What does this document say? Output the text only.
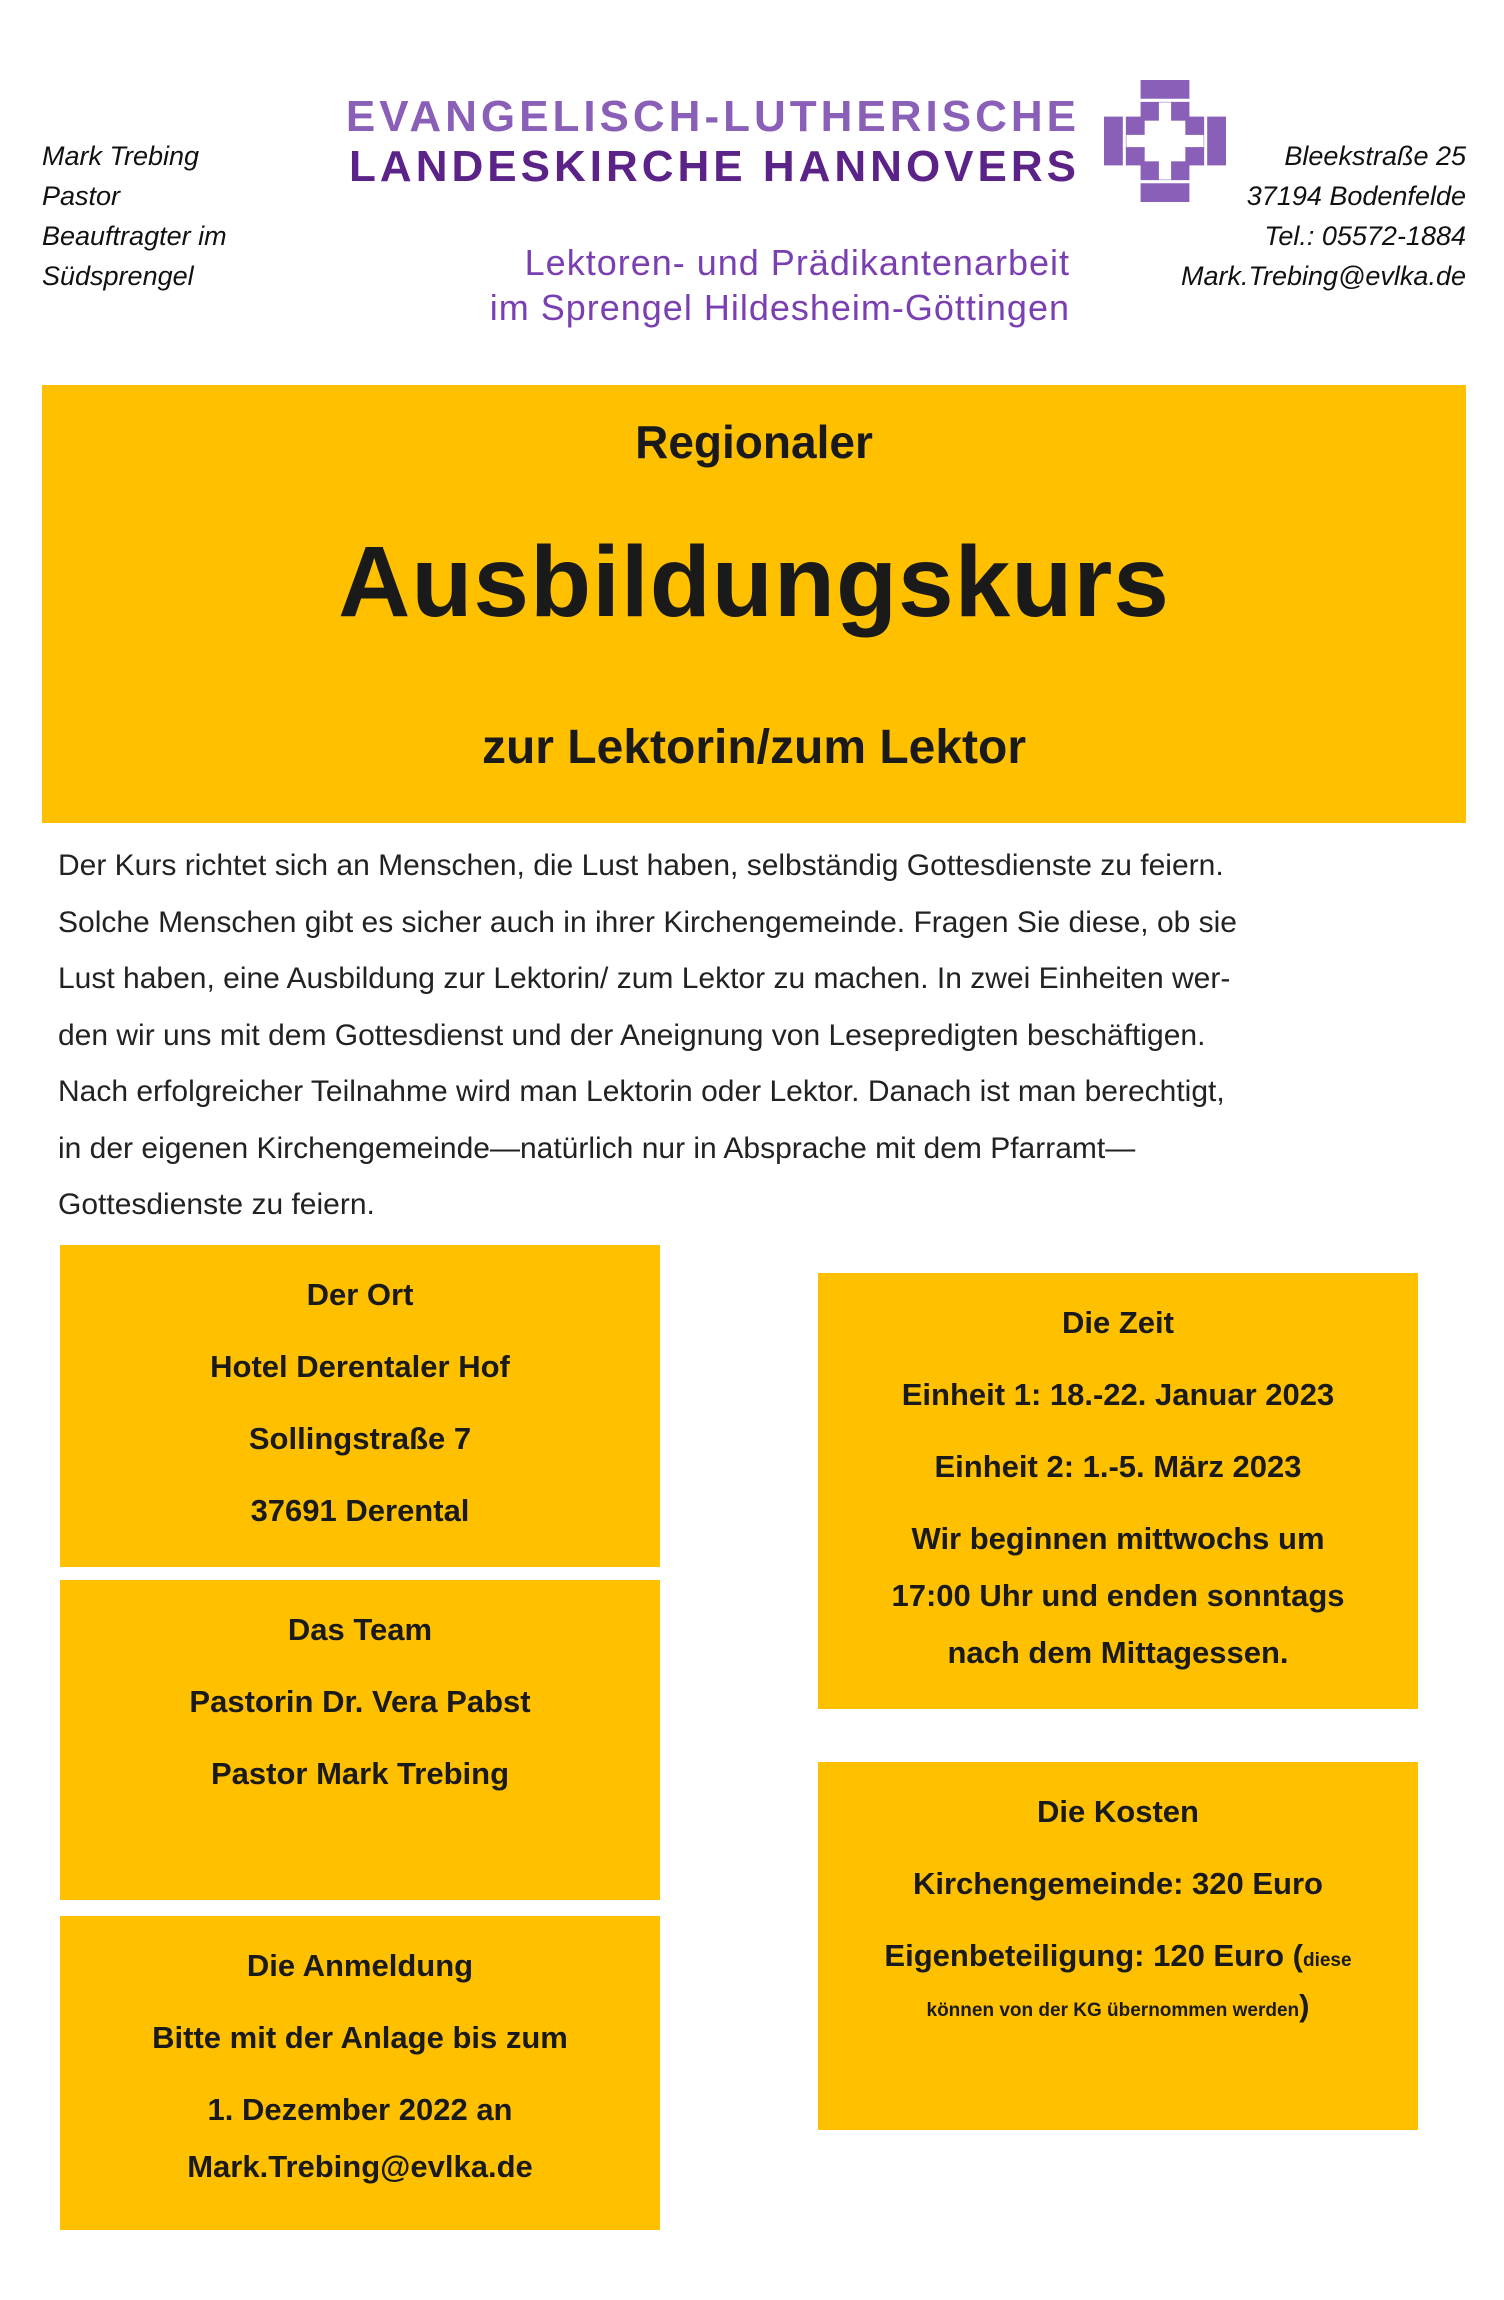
Mark Trebing
Pastor
Beauftragter im
Südsprengel
EVANGELISCH-LUTHERISCHE
LANDESKIRCHE HANNOVERS
Lektoren- und Prädikantenarbeit
im Sprengel Hildesheim-Göttingen
Bleekstraße 25
37194 Bodenfelde
Tel.: 05572-1884
Mark.Trebing@evlka.de
Regionaler
Ausbildungskurs
zur Lektorin/zum Lektor
Der Kurs richtet sich an Menschen, die Lust haben, selbständig Gottesdienste zu feiern.
Solche Menschen gibt es sicher auch in ihrer Kirchengemeinde. Fragen Sie diese, ob sie
Lust haben, eine Ausbildung zur Lektorin/ zum Lektor zu machen. In zwei Einheiten wer-
den wir uns mit dem Gottesdienst und der Aneignung von Lesepredigten beschäftigen.
Nach erfolgreicher Teilnahme wird man Lektorin oder Lektor. Danach ist man berechtigt,
in der eigenen Kirchengemeinde—natürlich nur in Absprache mit dem Pfarramt—
Gottesdienste zu feiern.

Der Ort

Hotel Derentaler Hof

Sollingstraße 7

37691 Derental

Das Team

Pastorin Dr. Vera Pabst

Pastor Mark Trebing

Die Anmeldung

Bitte mit der Anlage bis zum

1. Dezember 2022 an

Mark.Trebing@evlka.de

Die Zeit

Einheit 1: 18.-22. Januar 2023

Einheit 2: 1.-5. März 2023

Wir beginnen mittwochs um

17:00 Uhr und enden sonntags

nach dem Mittagessen.

Die Kosten

Kirchengemeinde: 320 Euro

Eigenbeteiligung: 120 Euro (diese

können von der KG übernommen werden)
